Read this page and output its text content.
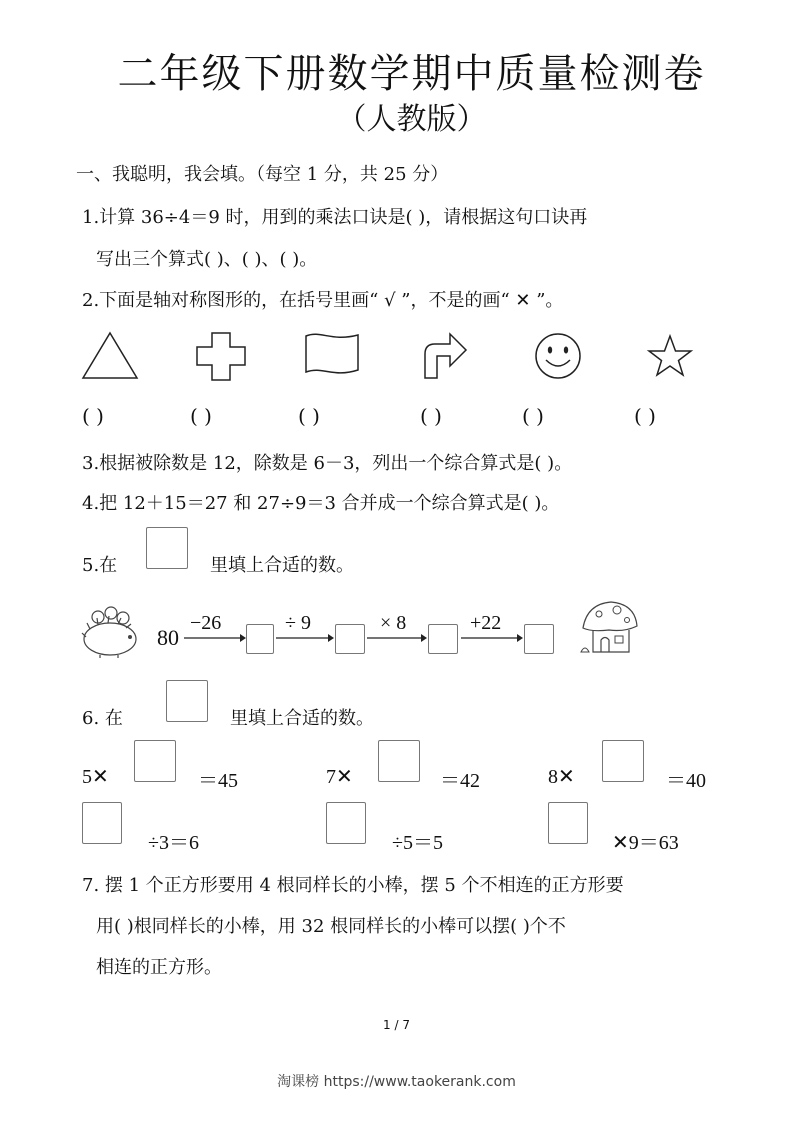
二年级下册数学期中质量检测卷
（人教版）
一、我聪明，我会填。（每空 1 分，共 25 分）
1.计算 36÷4＝9 时，用到的乘法口诀是( )，请根据这句口诀再
写出三个算式( )、( )、( )。
2.下面是轴对称图形的，在括号里画“ √ ”，不是的画“ ✕ ”。
( )	( )	( )	( )	( )	( )
3.根据被除数是 12，除数是 6－3，列出一个综合算式是( )。
4.把 12＋15＝27 和 27÷9＝3 合并成一个综合算式是( )。
5.在	里填上合适的数。
80
−26	÷ 9	× 8	+22
6. 在	里填上合适的数。
5✕	＝45	7✕	＝42	8✕	＝40
÷3＝6	÷5＝5	✕9＝63
7. 摆 1 个正方形要用 4 根同样长的小棒，摆 5 个不相连的正方形要
用( )根同样长的小棒，用 32 根同样长的小棒可以摆( )个不
相连的正方形。
1 / 7
淘课榜 https://www.taokerank.com
